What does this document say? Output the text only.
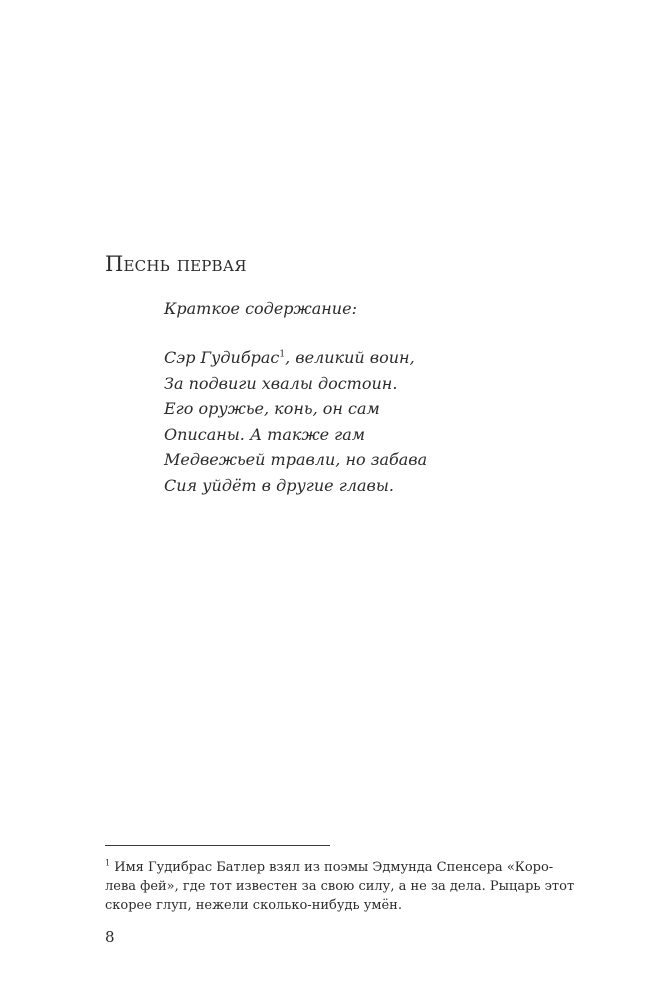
Песнь первая
Краткое содержание:
Сэр Гудибрас$^1$, великий воин,
За подвиги хвалы достоин.
Его оружье, конь, он сам
Описаны. А также гам
Медвежьей травли, но забава
Сия уйдёт в другие главы.

$^1$ Имя Гудибрас Батлер взял из поэмы Эдмунда Спенсера «Коро-
лева фей», где тот известен за свою силу, а не за дела. Рыцарь этот
скорее глуп, нежели сколько-нибудь умён.

8
